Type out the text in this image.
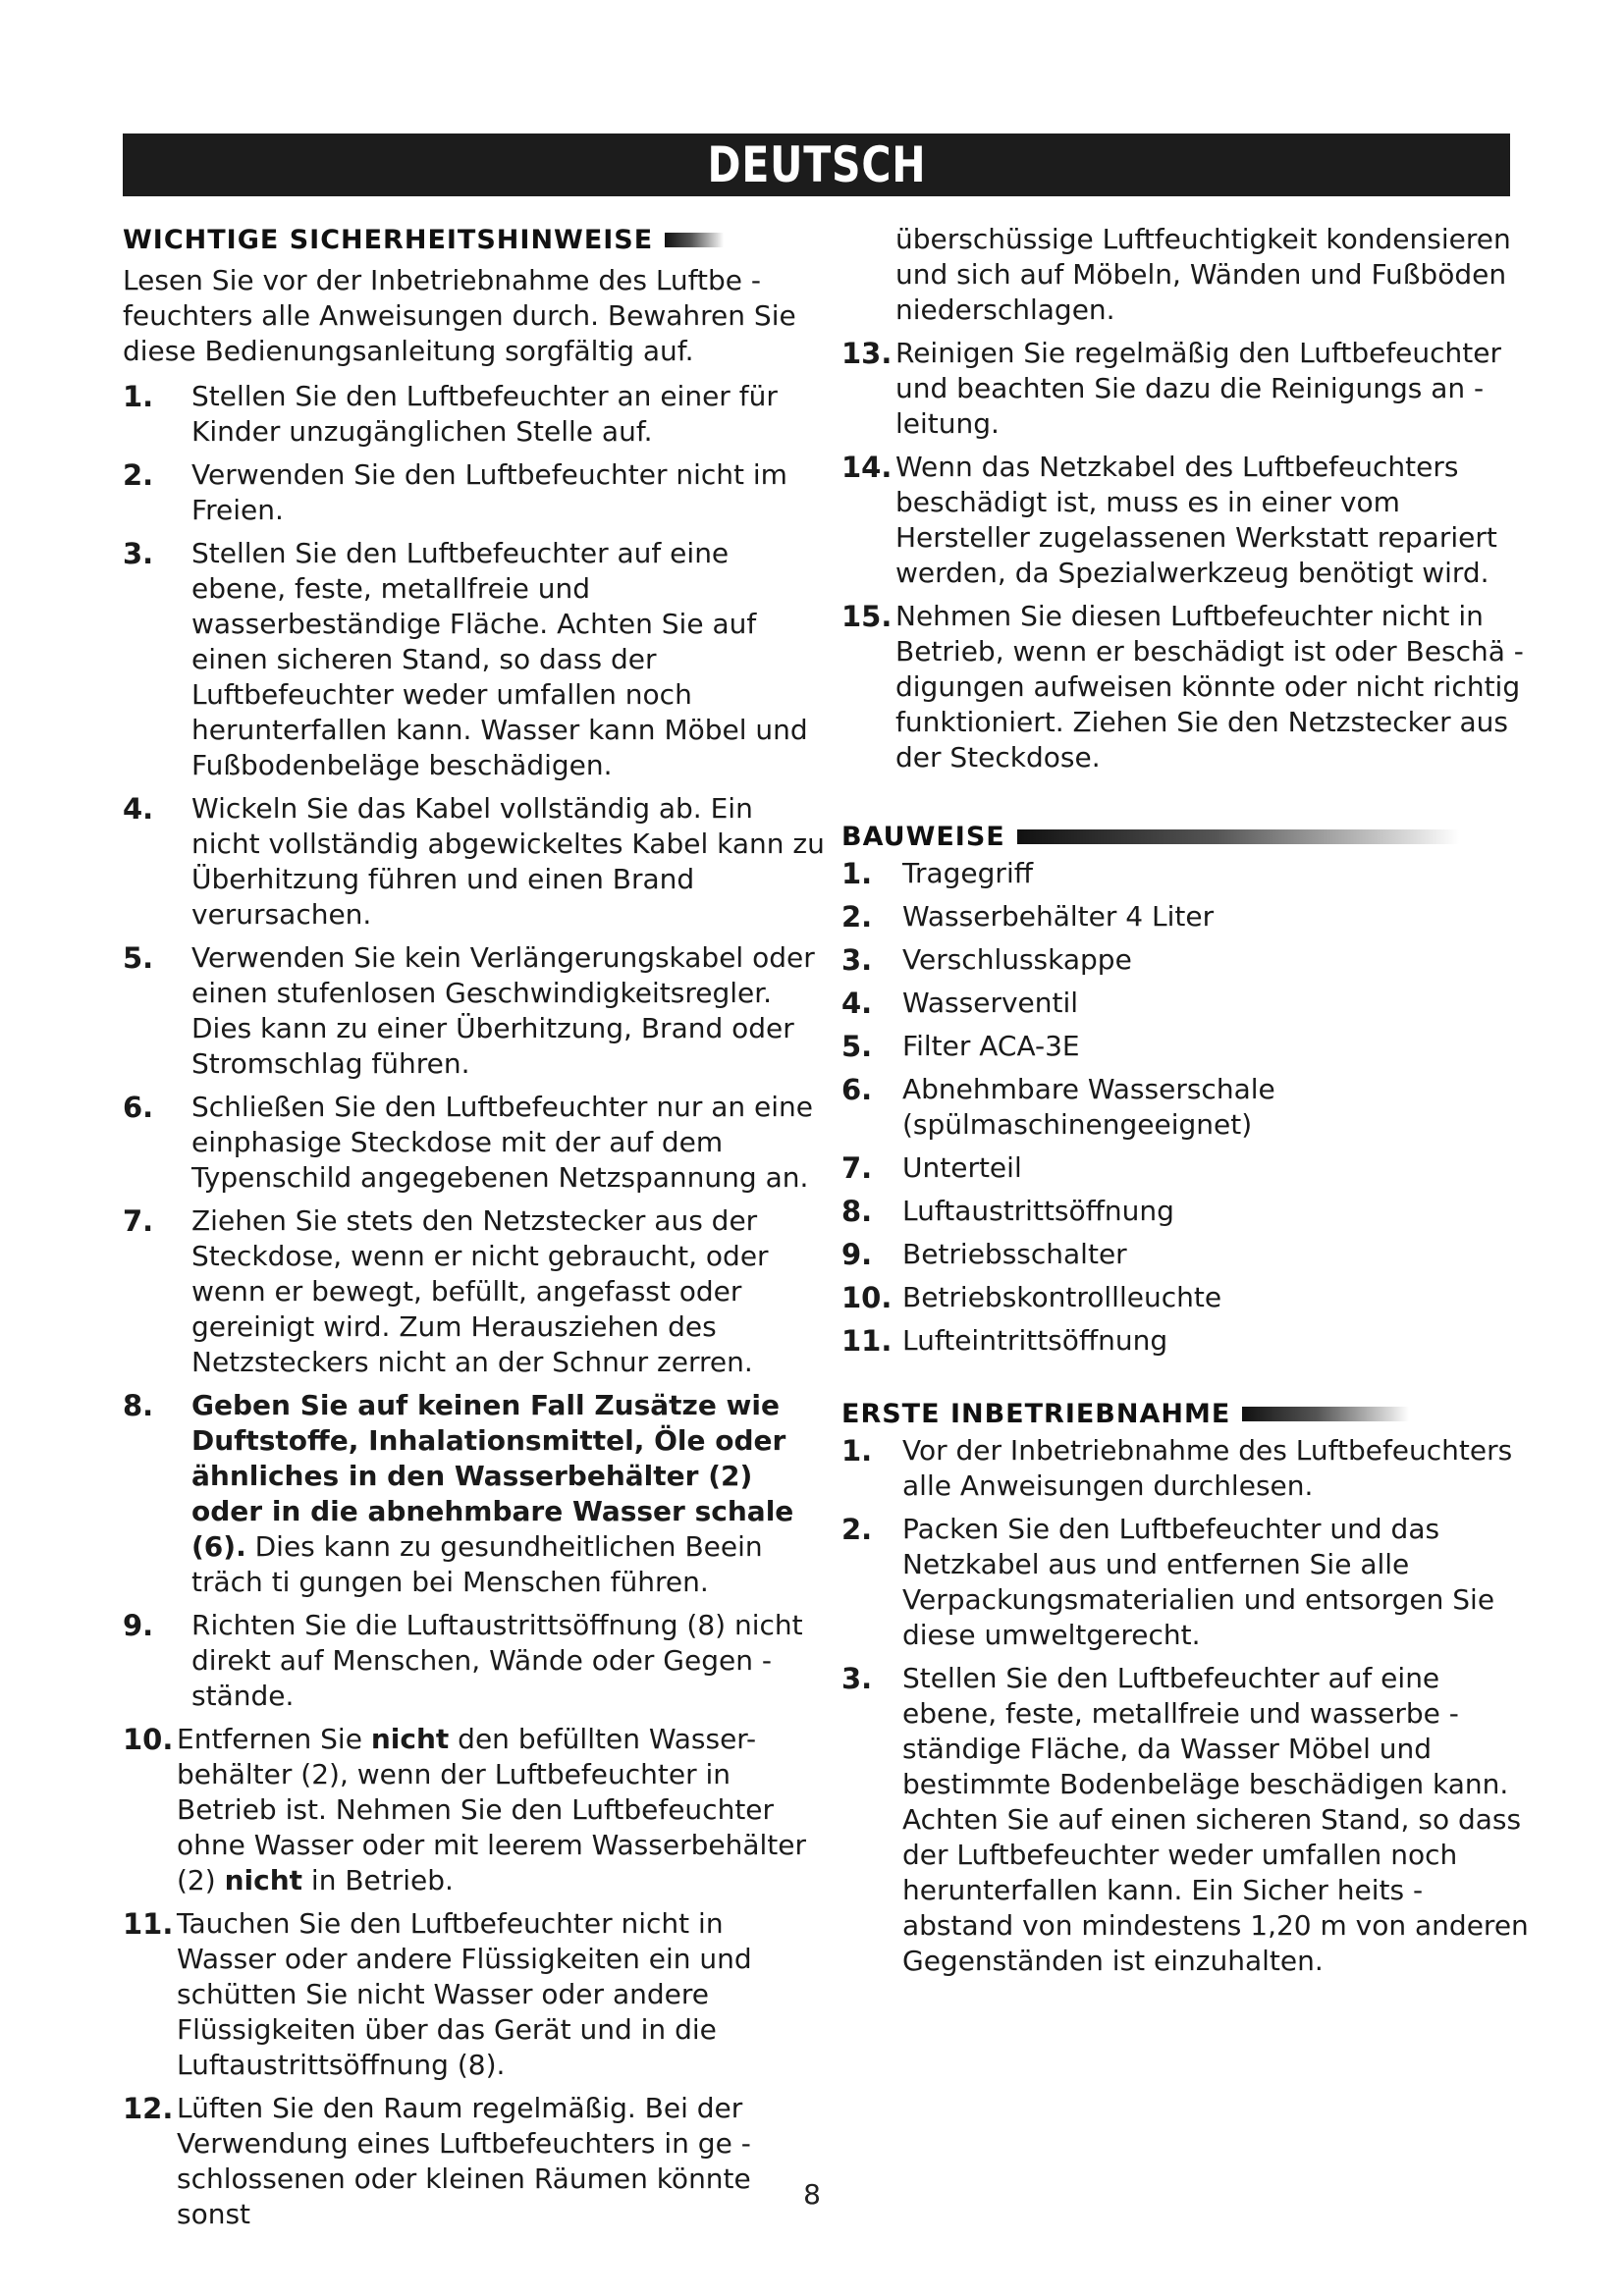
DEUTSCH
WICHTIGE SICHERHEITSHINWEISE

Lesen Sie vor der Inbetriebnahme des Luftbe - feuchters alle Anweisungen durch. Bewahren Sie diese Bedienungsanleitung sorgfältig auf.

1.	Stellen Sie den Luftbefeuchter an einer für Kinder unzugänglichen Stelle auf.
2.	Verwenden Sie den Luftbefeuchter nicht im Freien.
3.	Stellen Sie den Luftbefeuchter auf eine ebene, feste, metallfreie und wasserbeständige Fläche. Achten Sie auf einen sicheren Stand, so dass der Luftbefeuchter weder umfallen noch herunterfallen kann. Wasser kann Möbel und Fußbodenbeläge beschädigen.
4.	Wickeln Sie das Kabel vollständig ab. Ein nicht vollständig abgewickeltes Kabel kann zu Überhitzung führen und einen Brand verursachen.
5.	Verwenden Sie kein Verlängerungskabel oder einen stufenlosen Geschwindigkeitsregler. Dies kann zu einer Überhitzung, Brand oder Stromschlag führen.
6.	Schließen Sie den Luftbefeuchter nur an eine einphasige Steckdose mit der auf dem Typenschild angegebenen Netzspannung an.
7.	Ziehen Sie stets den Netzstecker aus der Steckdose, wenn er nicht gebraucht, oder wenn er bewegt, befüllt, angefasst oder gereinigt wird. Zum Herausziehen des Netzsteckers nicht an der Schnur zerren.
8.	Geben Sie auf keinen Fall Zusätze wie Duftstoffe, Inhalationsmittel, Öle oder ähnliches in den Wasserbehälter (2) oder in die abnehmbare Wasser schale (6). Dies kann zu gesundheitlichen Beein träch ti gungen bei Menschen führen.
9.	Richten Sie die Luftaustrittsöffnung (8) nicht direkt auf Menschen, Wände oder Gegen - stände.
10. Entfernen Sie nicht den befüllten Wasser- behälter (2), wenn der Luftbefeuchter in Betrieb ist. Nehmen Sie den Luftbefeuchter ohne Wasser oder mit leerem Wasserbehälter (2) nicht in Betrieb.
11. Tauchen Sie den Luftbefeuchter nicht in Wasser oder andere Flüssigkeiten ein und schütten Sie nicht Wasser oder andere Flüssigkeiten über das Gerät und in die Luftaustrittsöffnung (8).
12. Lüften Sie den Raum regelmäßig. Bei der Verwendung eines Luftbefeuchters in ge - schlossenen oder kleinen Räumen könnte sonst
überschüssige Luftfeuchtigkeit kondensieren und sich auf Möbeln, Wänden und Fußböden niederschlagen.
13. Reinigen Sie regelmäßig den Luftbefeuchter und beachten Sie dazu die Reinigungs an - leitung.
14. Wenn das Netzkabel des Luftbefeuchters beschädigt ist, muss es in einer vom Hersteller zugelassenen Werkstatt repariert werden, da Spezialwerkzeug benötigt wird.
15. Nehmen Sie diesen Luftbefeuchter nicht in Betrieb, wenn er beschädigt ist oder Beschä - digungen aufweisen könnte oder nicht richtig funktioniert. Ziehen Sie den Netzstecker aus der Steckdose.
BAUWEISE
1.	Tragegriff
2.	Wasserbehälter 4 Liter
3.	Verschlusskappe
4.	Wasserventil
5.	Filter ACA-3E
6.	Abnehmbare Wasserschale (spülmaschinengeeignet)
7.	Unterteil
8.	Luftaustrittsöffnung
9.	Betriebsschalter
10. Betriebskontrollleuchte
11. Lufteintrittsöffnung
ERSTE INBETRIEBNAHME
1.	Vor der Inbetriebnahme des Luftbefeuchters alle Anweisungen durchlesen.
2.	Packen Sie den Luftbefeuchter und das Netzkabel aus und entfernen Sie alle Verpackungsmaterialien und entsorgen Sie diese umweltgerecht.
3.	Stellen Sie den Luftbefeuchter auf eine ebene, feste, metallfreie und wasserbe - ständige Fläche, da Wasser Möbel und bestimmte Bodenbeläge beschädigen kann. Achten Sie auf einen sicheren Stand, so dass der Luftbefeuchter weder umfallen noch herunterfallen kann. Ein Sicher heits - abstand von mindestens 1,20 m von anderen Gegenständen ist einzuhalten.
8
